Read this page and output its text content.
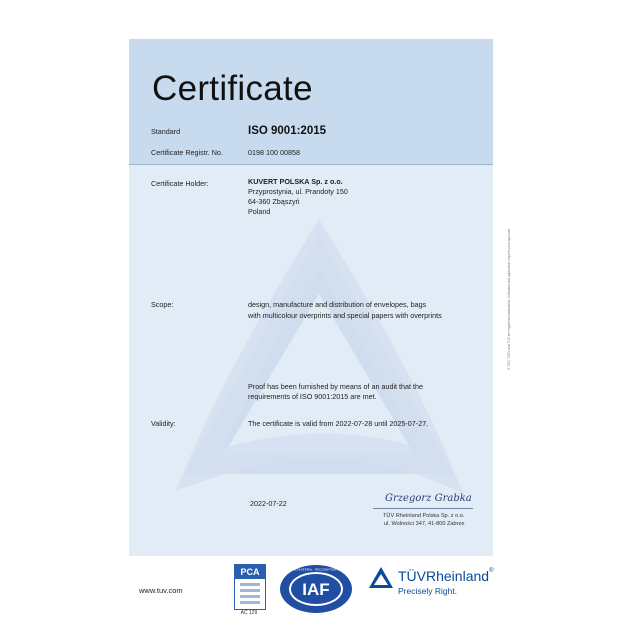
Certificate
Standard	ISO 9001:2015
Certificate Registr. No.	0198 100 00858
Certificate Holder:	KUVERT POLSKA Sp. z o.o.
Przyprostynia, ul. Prandoty 150
64-360 Zbąszyń
Poland
Scope:	design, manufacture and distribution of envelopes, bags
with multicolour overprints and special papers with overprints
Proof has been furnished by means of an audit that the
requirements of ISO 9001:2015 are met.
Validity:	The certificate is valid from 2022-07-28 until 2025-07-27.
2022-07-22	Grzegorz Grabka
TÜV Rheinland Polska Sp. z o.o.
ul. Wolności 347, 41-800 Zabrze
® TÜV, TUEV and TUV are registered trademarks. Utilisation and application requires prior approval.
www.tuv.com
PCA
AC 129
IAF
MEMBER OF MULTILATERAL · RECOGNITION ARRANGEMENT	TÜVRheinland®
Precisely Right.
